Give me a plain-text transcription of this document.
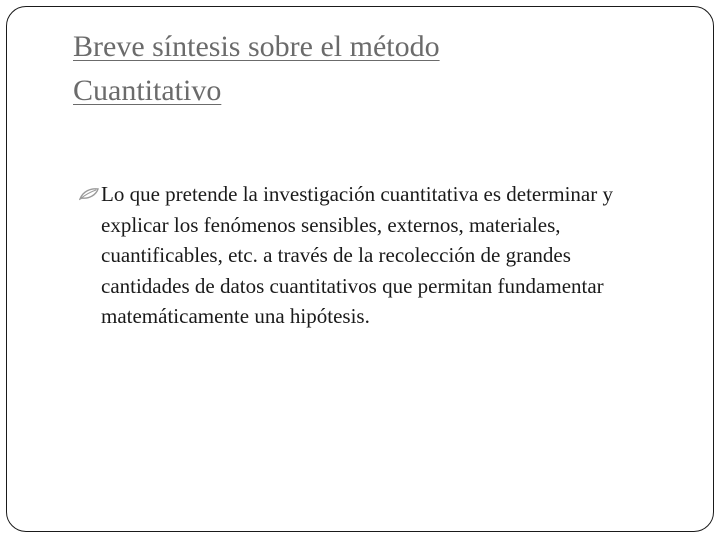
Breve síntesis sobre el método
Cuantitativo
Lo que pretende la investigación cuantitativa es determinar y explicar los fenómenos sensibles, externos, materiales, cuantificables, etc. a través de la recolección de grandes cantidades de datos cuantitativos que permitan fundamentar matemáticamente una hipótesis.
